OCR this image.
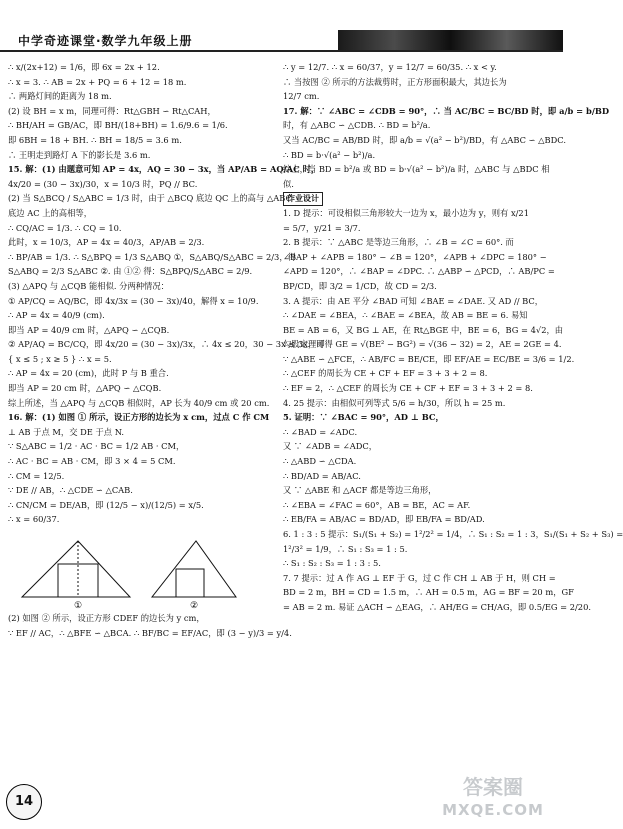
中学奇迹课堂·数学九年级上册
∴ x/(2x+12) = 1/6，即 6x = 2x + 12.
∴ x = 3. ∴ AB = 2x + PQ = 6 + 12 = 18 m.
∴ 两路灯间的距离为 18 m.
(2) 设 BH = x m，同理可得：Rt△GBH ∽ Rt△CAH，
∴ BH/AH = GB/AC，即 BH/(18+BH) = 1.6/9.6 = 1/6.
即 6BH = 18 + BH. ∴ BH = 18/5 = 3.6 m.
∴ 王明走到路灯 A 下的影长是 3.6 m.
15. 解：(1) 由题意可知 AP = 4x，AQ = 30 − 3x，当 AP/AB = AQ/AC 时，
4x/20 = (30 − 3x)/30，x = 10/3 时，PQ // BC.
(2) 当 S△BCQ / S△ABC = 1/3 时，由于 △BCQ 底边 QC 上的高与 △ABC
底边 AC 上的高相等，
∴ CQ/AC = 1/3. ∴ CQ = 10.
此时，x = 10/3，AP = 4x = 40/3，AP/AB = 2/3.
∴ BP/AB = 1/3. ∴ S△BPQ = 1/3 S△ABQ ①，S△ABQ/S△ABC = 2/3，得
S△ABQ = 2/3 S△ABC ②. 由 ①② 得：S△BPQ/S△ABC = 2/9.
(3) △APQ 与 △CQB 能相似. 分两种情况：
① AP/CQ = AQ/BC，即 4x/3x = (30 − 3x)/40，解得 x = 10/9.
∴ AP = 4x = 40/9 (cm).
即当 AP = 40/9 cm 时，△APQ ∽ △CQB.
② AP/AQ = BC/CQ，即 4x/20 = (30 − 3x)/3x，∴ 4x ≤ 20，30 − 3x ≤ 3x，即
{ x ≤ 5 ; x ≥ 5 } ∴ x = 5.
∴ AP = 4x = 20 (cm)，此时 P 与 B 重合.
即当 AP = 20 cm 时，△APQ ∽ △CQB.
综上所述，当 △APQ 与 △CQB 相似时，AP 长为 40/9 cm 或 20 cm.
16. 解：(1) 如图 ① 所示，设正方形的边长为 x cm，过点 C 作 CM
⊥ AB 于点 M，交 DE 于点 N.
∵ S△ABC = 1/2 · AC · BC = 1/2 AB · CM，
∴ AC · BC = AB · CM，即 3 × 4 = 5 CM.
∴ CM = 12/5.
∵ DE // AB，∴ △CDE ∽ △CAB.
∴ CN/CM = DE/AB，即 (12/5 − x)/(12/5) = x/5.
∴ x = 60/37.
①	②
(2) 如图 ② 所示，设正方形 CDEF 的边长为 y cm，
∵ EF // AC，∴ △BFE ∽ △BCA. ∴ BF/BC = EF/AC，即 (3 − y)/3 = y/4.
∴ y = 12/7. ∴ x = 60/37，y = 12/7 = 60/35. ∴ x < y.
∴ 当按图 ② 所示的方法裁剪时，正方形面积最大，其边长为
12/7 cm.
17. 解：∵ ∠ABC = ∠CDB = 90°，∴ 当 AC/BC = BC/BD 时，即 a/b = b/BD
时，有 △ABC ∽ △CDB. ∴ BD = b²/a.
又当 AC/BC = AB/BD 时，即 a/b = √(a² − b²)/BD，有 △ABC ∽ △BDC.
∴ BD = b·√(a² − b²)/a.
综上，当 BD = b²/a 或 BD = b·√(a² − b²)/a 时，△ABC 与 △BDC 相
似.
作业设计
1. D 提示：可设相似三角形较大一边为 x，最小边为 y，则有 x/21
= 5/7，y/21 = 3/7.
2. B 提示：∵ △ABC 是等边三角形，∴ ∠B = ∠C = 60°. 而
∠BAP + ∠APB = 180° − ∠B = 120°，∠APB + ∠DPC = 180° −
∠APD = 120°，∴ ∠BAP = ∠DPC. ∴ △ABP ∽ △PCD，∴ AB/PC =
BP/CD，即 3/2 = 1/CD，故 CD = 2/3.
3. A 提示：由 AE 平分 ∠BAD 可知 ∠BAE = ∠DAE. 又 AD // BC，
∴ ∠DAE = ∠BEA，∴ ∠BAE = ∠BEA，故 AB = BE = 6. 易知
BE = AB = 6，又 BG ⊥ AE，在 Rt△BGE 中，BE = 6，BG = 4√2，由
勾股定理可得 GE = √(BE² − BG²) = √(36 − 32) = 2，AE = 2GE = 4.
∵ △ABE ∽ △FCE，∴ AB/FC = BE/CE，即 EF/AE = EC/BE = 3/6 = 1/2.
∴ △CEF 的周长为 CE + CF + EF = 3 + 3 + 2 = 8.
∴ EF = 2，∴ △CEF 的周长为 CE + CF + EF = 3 + 3 + 2 = 8.
4. 25 提示：由相似可列等式 5/6 = h/30，所以 h = 25 m.
5. 证明：∵ ∠BAC = 90°，AD ⊥ BC，
∴ ∠BAD = ∠ADC.
又 ∵ ∠ADB = ∠ADC，
∴ △ABD ∽ △CDA.
∴ BD/AD = AB/AC.
又 ∵ △ABE 和 △ACF 都是等边三角形，
∴ ∠EBA = ∠FAC = 60°，AB = BE，AC = AF.
∴ EB/FA = AB/AC = BD/AD，即 EB/FA = BD/AD.
6. 1 : 3 : 5 提示：S₁/(S₁ + S₂) = 1²/2² = 1/4，∴ S₁ : S₂ = 1 : 3，S₁/(S₁ + S₂ + S₃) =
1²/3² = 1/9，∴ S₁ : S₃ = 1 : 5.
∴ S₁ : S₂ : S₃ = 1 : 3 : 5.
7. 7 提示：过 A 作 AG ⊥ EF 于 G，过 C 作 CH ⊥ AB 于 H，则 CH =
BD = 2 m，BH = CD = 1.5 m，∴ AH = 0.5 m，AG = BF = 20 m，GF
= AB = 2 m. 易证 △ACH ∽ △EAG，∴ AH/EG = CH/AG，即 0.5/EG = 2/20.
14
答案圈
MXQE.COM
